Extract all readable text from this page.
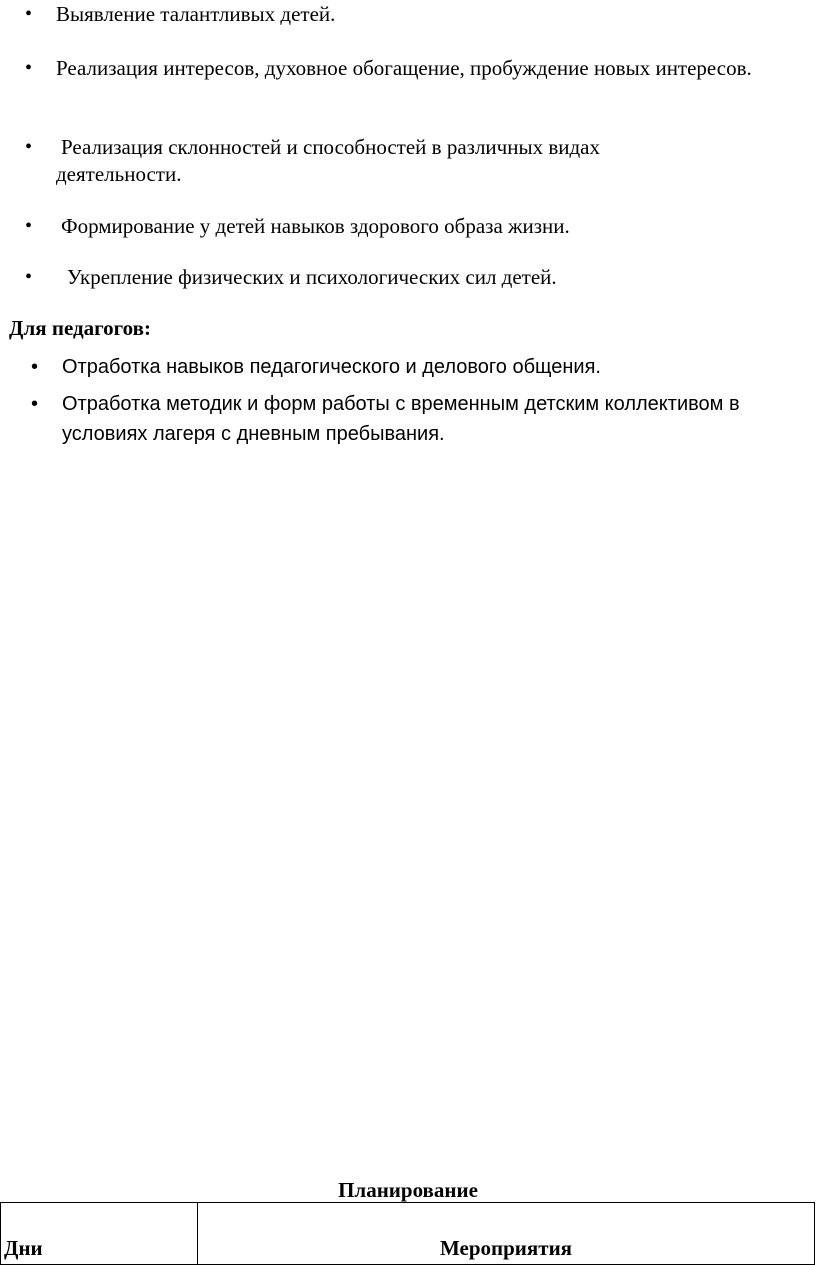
• Выявление талантливых детей.
• Реализация интересов, духовное обогащение, пробуждение новых интересов.
• Реализация склонностей и способностей в различных видах деятельности.
• Формирование у детей навыков здорового образа жизни.
• Укрепление физических и психологических сил детей.
Для педагогов:
• Отработка навыков педагогического и делового общения.
• Отработка методик и форм работы с временным детским коллективом в условиях лагеря с дневным пребывания.
Планирование
Дни	Мероприятия
